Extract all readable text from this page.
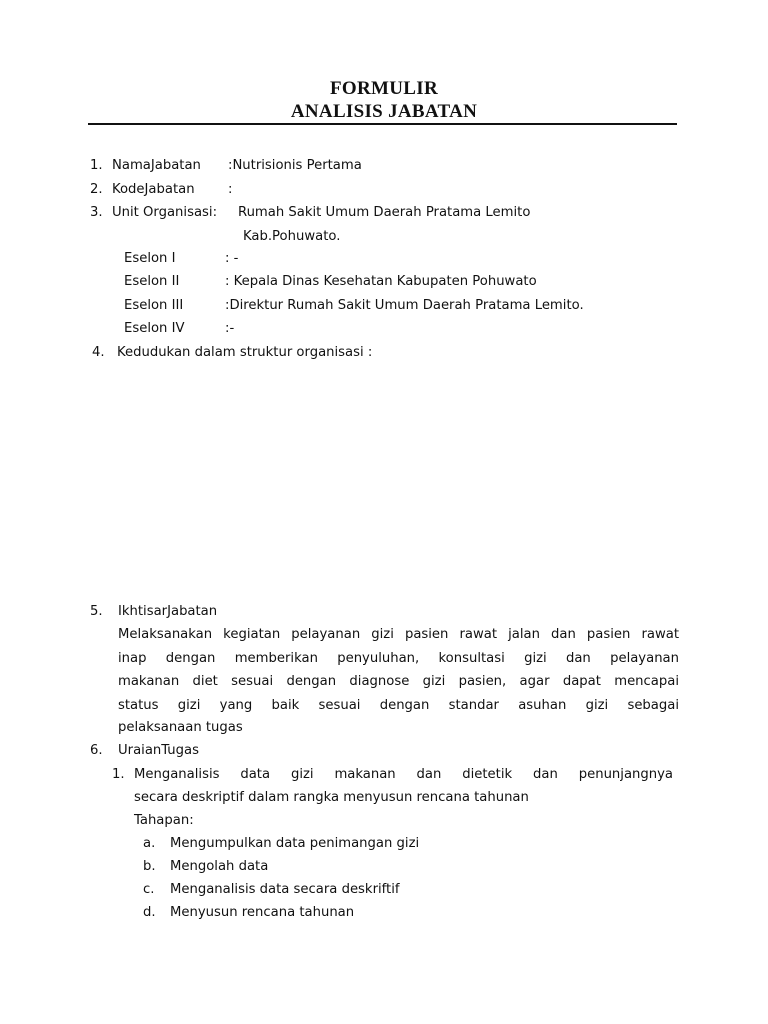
FORMULIR
ANALISIS JABATAN
1. NamaJabatan :Nutrisionis Pertama
2. KodeJabatan	:
3. Unit Organisasi: Rumah Sakit Umum Daerah Pratama Lemito
Kab.Pohuwato.
Eselon I	: -
Eselon II	: Kepala Dinas Kesehatan Kabupaten Pohuwato
Eselon III	:Direktur Rumah Sakit Umum Daerah Pratama Lemito.
Eselon IV	:-
4. Kedudukan dalam struktur organisasi :
5. IkhtisarJabatan
Melaksanakan kegiatan pelayanan gizi pasien rawat jalan dan pasien rawat
inap dengan memberikan penyuluhan, konsultasi gizi dan pelayanan
makanan diet sesuai dengan diagnose gizi pasien, agar dapat mencapai
status gizi yang baik sesuai dengan standar asuhan gizi sebagai
pelaksanaan tugas
6. UraianTugas
1. Menganalisis data gizi makanan dan dietetik dan penunjangnya
secara deskriptif dalam rangka menyusun rencana tahunan
Tahapan:
a. Mengumpulkan data penimangan gizi
b. Mengolah data
c. Menganalisis data secara deskriftif
d. Menyusun rencana tahunan
